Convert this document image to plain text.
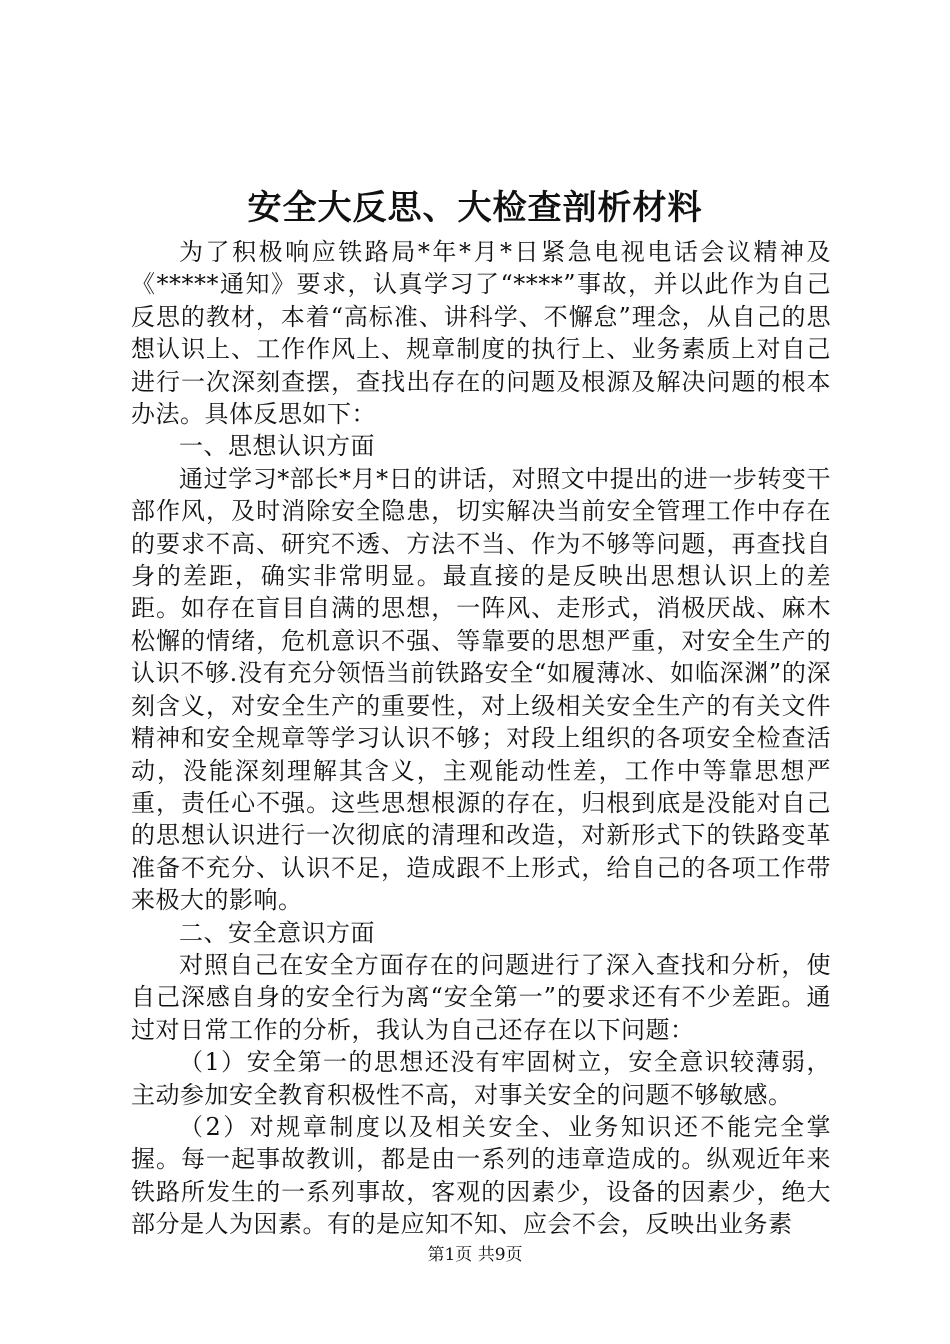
安全大反思、大检查剖析材料

为了积极响应铁路局*年*月*日紧急电视电话会议精神及《*****通知》要求，认真学习了“****”事故，并以此作为自己反思的教材，本着“高标准、讲科学、不懈怠”理念，从自己的思想认识上、工作作风上、规章制度的执行上、业务素质上对自己进行一次深刻查摆，查找出存在的问题及根源及解决问题的根本办法。具体反思如下：

一、思想认识方面

通过学习*部长*月*日的讲话，对照文中提出的进一步转变干部作风，及时消除安全隐患，切实解决当前安全管理工作中存在的要求不高、研究不透、方法不当、作为不够等问题，再查找自身的差距，确实非常明显。最直接的是反映出思想认识上的差距。如存在盲目自满的思想，一阵风、走形式，消极厌战、麻木松懈的情绪，危机意识不强、等靠要的思想严重，对安全生产的认识不够.没有充分领悟当前铁路安全“如履薄冰、如临深渊”的深刻含义，对安全生产的重要性，对上级相关安全生产的有关文件精神和安全规章等学习认识不够；对段上组织的各项安全检查活动，没能深刻理解其含义，主观能动性差，工作中等靠思想严重，责任心不强。这些思想根源的存在，归根到底是没能对自己的思想认识进行一次彻底的清理和改造，对新形式下的铁路变革准备不充分、认识不足，造成跟不上形式，给自己的各项工作带来极大的影响。

二、安全意识方面

对照自己在安全方面存在的问题进行了深入查找和分析，使自己深感自身的安全行为离“安全第一”的要求还有不少差距。通过对日常工作的分析，我认为自己还存在以下问题：

（1）安全第一的思想还没有牢固树立，安全意识较薄弱，主动参加安全教育积极性不高，对事关安全的问题不够敏感。

（2）对规章制度以及相关安全、业务知识还不能完全掌握。每一起事故教训，都是由一系列的违章造成的。纵观近年来铁路所发生的一系列事故，客观的因素少，设备的因素少，绝大部分是人为因素。有的是应知不知、应会不会，反映出业务素

第1页 共9页
